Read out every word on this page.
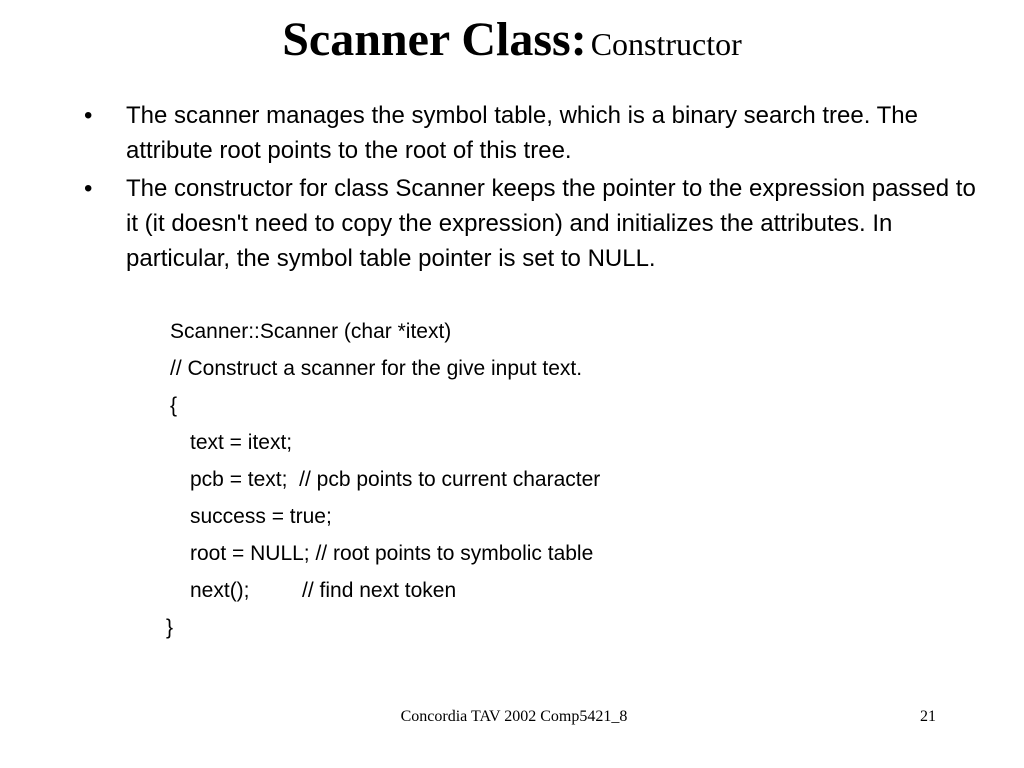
Scanner Class: Constructor
• The scanner manages the symbol table, which is a binary search tree. The attribute root points to the root of this tree.
• The constructor for class Scanner keeps the pointer to the expression passed to it (it doesn't need to copy the expression) and initializes the attributes. In particular, the symbol table pointer is set to NULL.
Scanner::Scanner (char *itext)
// Construct a scanner for the give input text.
{
text = itext;
pcb = text;  // pcb points to current character
success = true;
root = NULL; // root points to symbolic table
next();         // find next token
}
Concordia TAV 2002 Comp5421_8	21
